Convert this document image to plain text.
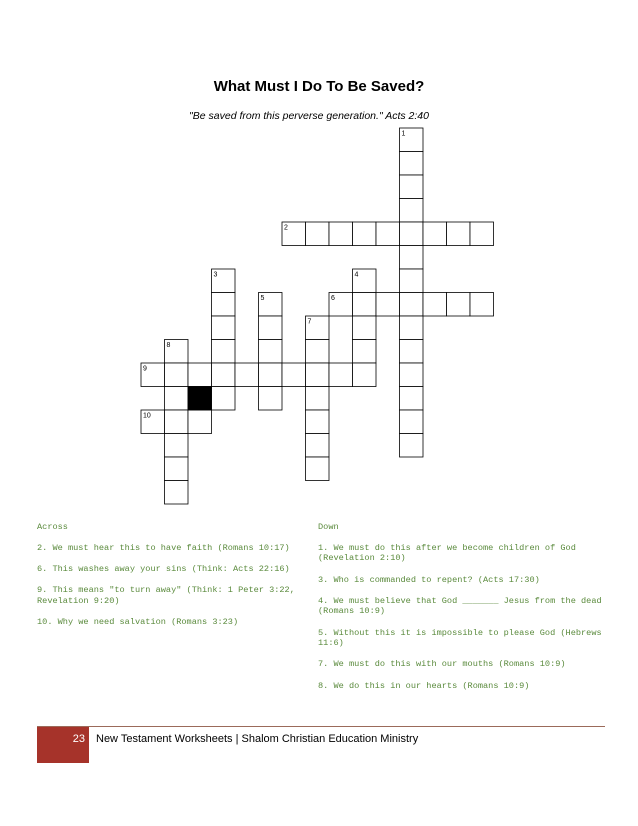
What Must I Do To Be Saved?
"Be saved from this perverse generation." Acts 2:40
1
2
3	4
5	6
7
8
9
10

Across

2. We must hear this to have faith (Romans 10:17)

6. This washes away your sins (Think: Acts 22:16)

9. This means "to turn away" (Think: 1 Peter 3:22, Revelation 9:20)

10. Why we need salvation (Romans 3:23)

Down

1. We must do this after we become children of God (Revelation 2:10)

3. Who is commanded to repent? (Acts 17:30)

4. We must believe that God _______ Jesus from the dead (Romans 10:9)

5. Without this it is impossible to please God (Hebrews 11:6)

7. We must do this with our mouths (Romans 10:9)

8. We do this in our hearts (Romans 10:9)

23	New Testament Worksheets | Shalom Christian Education Ministry
